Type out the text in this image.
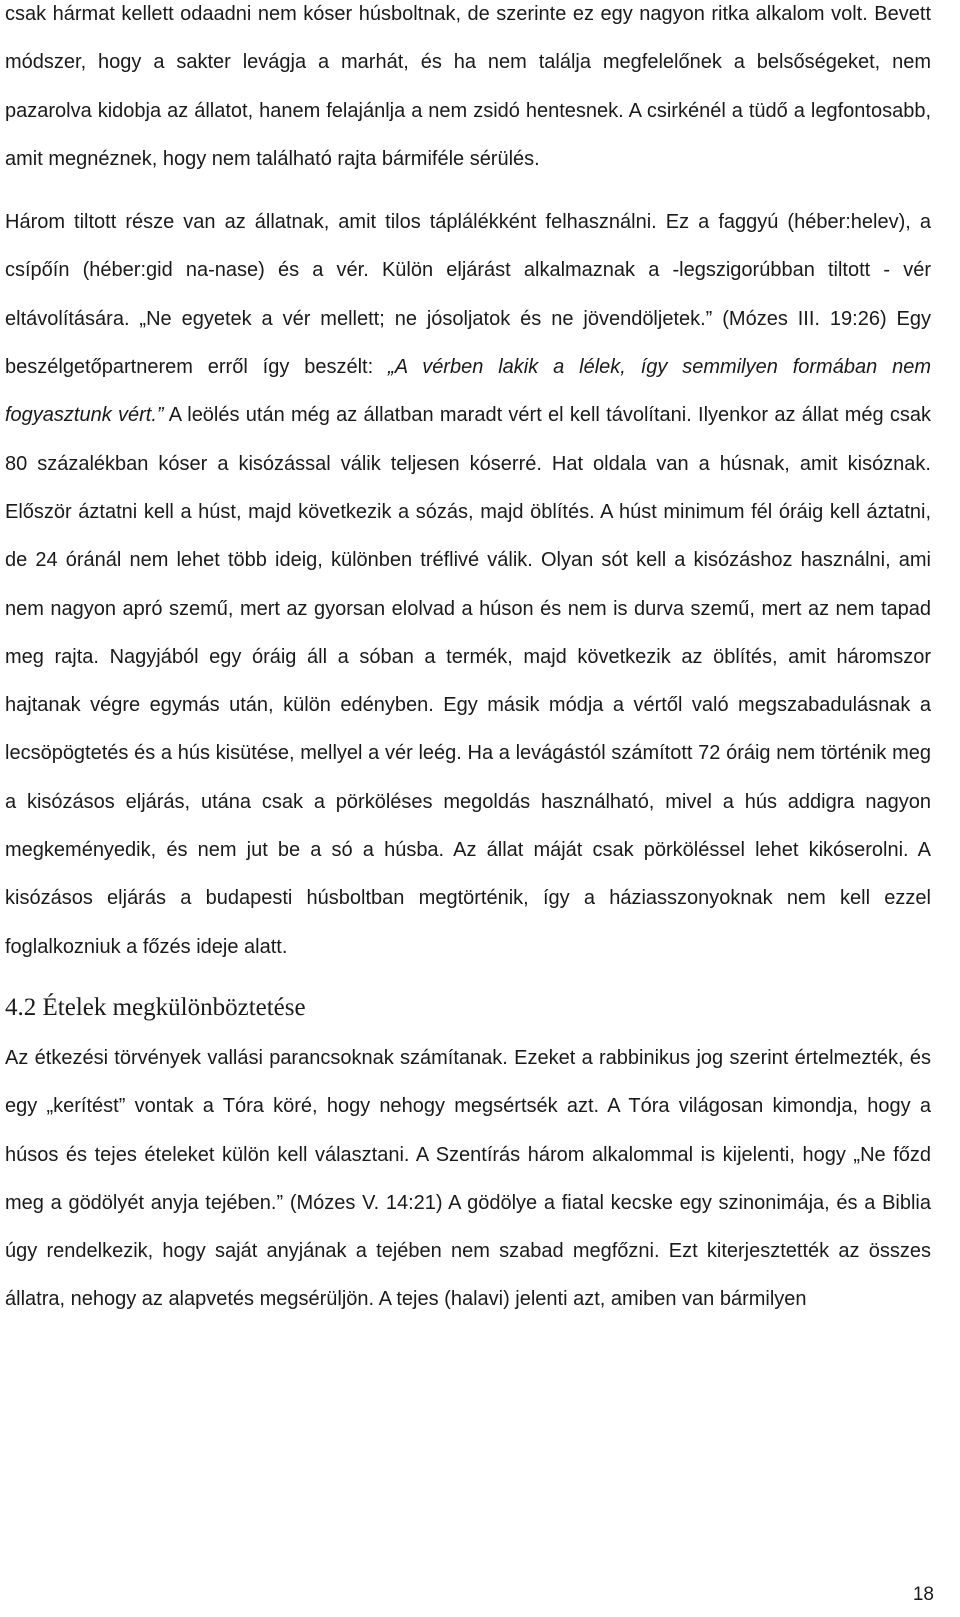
csak hármat kellett odaadni nem kóser húsboltnak, de szerinte ez egy nagyon ritka alkalom volt. Bevett módszer, hogy a sakter levágja a marhát, és ha nem találja megfelelőnek a belsőségeket, nem pazarolva kidobja az állatot, hanem felajánlja a nem zsidó hentesnek. A csirkénél a tüdő a legfontosabb, amit megnéznek, hogy nem található rajta bármiféle sérülés.

Három tiltott része van az állatnak, amit tilos táplálékként felhasználni. Ez a faggyú (héber:helev), a csípőín (héber:gid na-nase) és a vér. Külön eljárást alkalmaznak a -legszigorúbban tiltott - vér eltávolítására. „Ne egyetek a vér mellett; ne jósoljatok és ne jövendöljetek.” (Mózes III. 19:26) Egy beszélgetőpartnerem erről így beszélt: „A vérben lakik a lélek, így semmilyen formában nem fogyasztunk vért.” A leölés után még az állatban maradt vért el kell távolítani. Ilyenkor az állat még csak 80 százalékban kóser a kisózással válik teljesen kóserré. Hat oldala van a húsnak, amit kisóznak. Először áztatni kell a húst, majd következik a sózás, majd öblítés. A húst minimum fél óráig kell áztatni, de 24 óránál nem lehet több ideig, különben tréflivé válik. Olyan sót kell a kisózáshoz használni, ami nem nagyon apró szemű, mert az gyorsan elolvad a húson és nem is durva szemű, mert az nem tapad meg rajta. Nagyjából egy óráig áll a sóban a termék, majd következik az öblítés, amit háromszor hajtanak végre egymás után, külön edényben. Egy másik módja a vértől való megszabadulásnak a lecsöpögtetés és a hús kisütése, mellyel a vér leég. Ha a levágástól számított 72 óráig nem történik meg a kisózásos eljárás, utána csak a pörköléses megoldás használható, mivel a hús addigra nagyon megkeményedik, és nem jut be a só a húsba. Az állat máját csak pörköléssel lehet kikóserolni. A kisózásos eljárás a budapesti húsboltban megtörténik, így a háziasszonyoknak nem kell ezzel foglalkozniuk a főzés ideje alatt.

4.2 Ételek megkülönböztetése

Az étkezési törvények vallási parancsoknak számítanak. Ezeket a rabbinikus jog szerint értelmezték, és egy „kerítést” vontak a Tóra köré, hogy nehogy megsértsék azt. A Tóra világosan kimondja, hogy a húsos és tejes ételeket külön kell választani. A Szentírás három alkalommal is kijelenti, hogy „Ne főzd meg a gödölyét anyja tejében.” (Mózes V. 14:21) A gödölye a fiatal kecske egy szinonimája, és a Biblia úgy rendelkezik, hogy saját anyjának a tejében nem szabad megfőzni. Ezt kiterjesztették az összes állatra, nehogy az alapvetés megsérüljön. A tejes (halavi) jelenti azt, amiben van bármilyen

18
